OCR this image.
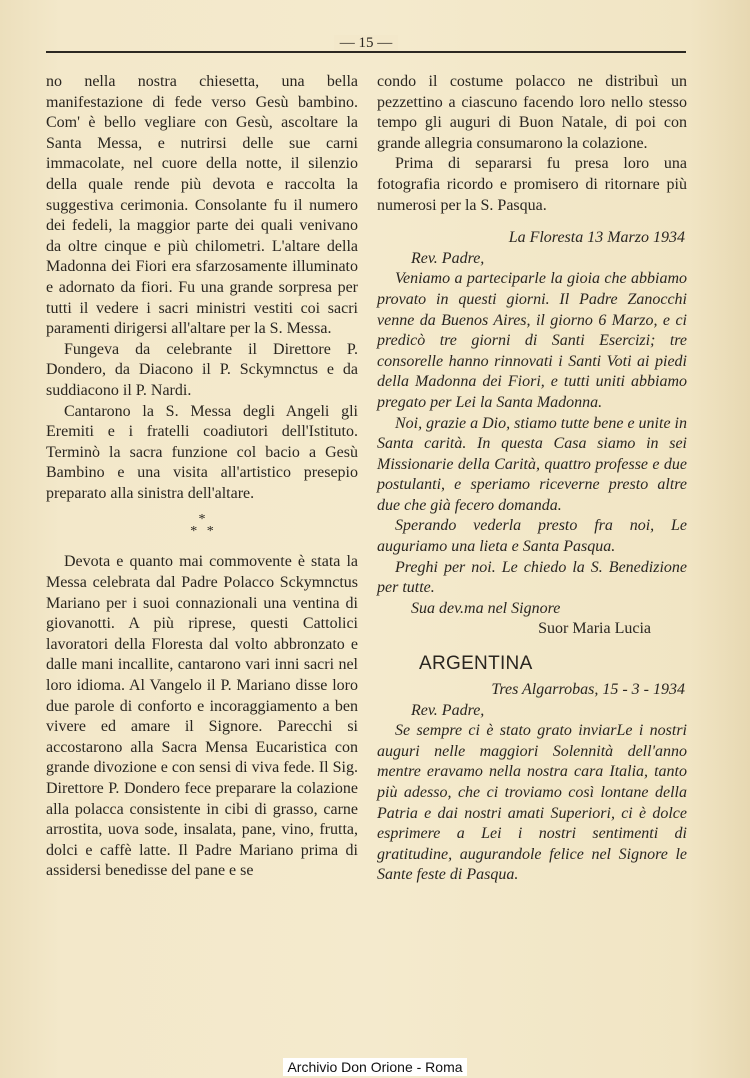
— 15 —

no nella nostra chiesetta, una bella manifestazione di fede verso Gesù bambino. Com' è bello vegliare con Gesù, ascoltare la Santa Messa, e nutrirsi delle sue carni immacolate, nel cuore della notte, il silenzio della quale rende più devota e raccolta la suggestiva cerimonia. Consolante fu il numero dei fedeli, la maggior parte dei quali venivano da oltre cinque e più chilometri. L'altare della Madonna dei Fiori era sfarzosamente illuminato e adornato da fiori. Fu una grande sorpresa per tutti il vedere i sacri ministri vestiti coi sacri paramenti dirigersi all'altare per la S. Messa.

Fungeva da celebrante il Direttore P. Dondero, da Diacono il P. Sckymnctus e da suddiacono il P. Nardi.

Cantarono la S. Messa degli Angeli gli Eremiti e i fratelli coadiutori dell'Istituto. Terminò la sacra funzione col bacio a Gesù Bambino e una visita all'artistico presepio preparato alla sinistra dell'altare.

*
* *

Devota e quanto mai commovente è stata la Messa celebrata dal Padre Polacco Sckymnctus Mariano per i suoi connazionali una ventina di giovanotti. A più riprese, questi Cattolici lavoratori della Floresta dal volto abbronzato e dalle mani incallite, cantarono vari inni sacri nel loro idioma. Al Vangelo il P. Mariano disse loro due parole di conforto e incoraggiamento a ben vivere ed amare il Signore. Parecchi si accostarono alla Sacra Mensa Eucaristica con grande divozione e con sensi di viva fede. Il Sig. Direttore P. Dondero fece preparare la colazione alla polacca consistente in cibi di grasso, carne arrostita, uova sode, insalata, pane, vino, frutta, dolci e caffè latte. Il Padre Mariano prima di assidersi benedisse del pane e se

condo il costume polacco ne distribuì un pezzettino a ciascuno facendo loro nello stesso tempo gli auguri di Buon Natale, di poi con grande allegria consumarono la colazione.

Prima di separarsi fu presa loro una fotografia ricordo e promisero di ritornare più numerosi per la S. Pasqua.

La Floresta 13 Marzo 1934

Rev. Padre,

Veniamo a parteciparle la gioia che abbiamo provato in questi giorni. Il Padre Zanocchi venne da Buenos Aires, il giorno 6 Marzo, e ci predicò tre giorni di Santi Esercizi; tre consorelle hanno rinnovati i Santi Voti ai piedi della Madonna dei Fiori, e tutti uniti abbiamo pregato per Lei la Santa Madonna.

Noi, grazie a Dio, stiamo tutte bene e unite in Santa carità. In questa Casa siamo in sei Missionarie della Carità, quattro professe e due postulanti, e speriamo riceverne presto altre due che già fecero domanda.

Sperando vederla presto fra noi, Le auguriamo una lieta e Santa Pasqua.

Preghi per noi. Le chiedo la S. Benedizione per tutte.

Sua dev.ma nel Signore

Suor Maria Lucia

ARGENTINA

Tres Algarrobas, 15 - 3 - 1934

Rev. Padre,

Se sempre ci è stato grato inviarLe i nostri auguri nelle maggiori Solennità dell'anno mentre eravamo nella nostra cara Italia, tanto più adesso, che ci troviamo così lontane della Patria e dai nostri amati Superiori, ci è dolce esprimere a Lei i nostri sentimenti di gratitudine, augurandole felice nel Signore le Sante feste di Pasqua.

Archivio Don Orione - Roma
